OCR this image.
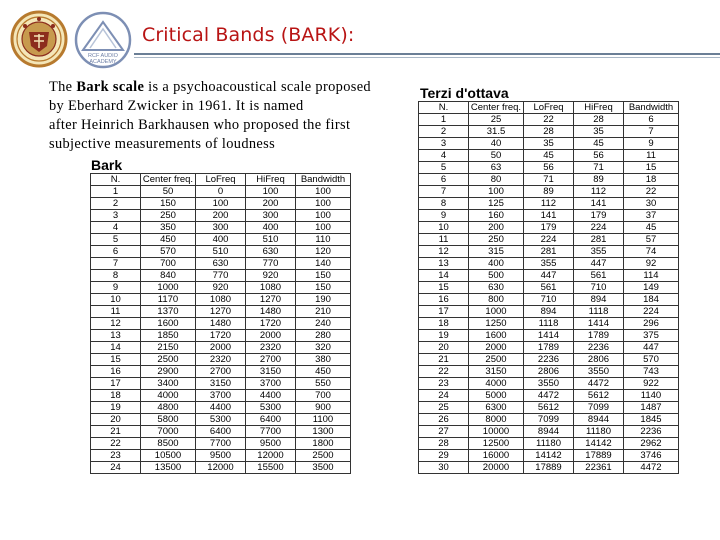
RCF AUDIO
ACADEMY
Critical Bands (BARK):
The Bark scale is a psychoacoustical scale proposed
by Eberhard Zwicker in 1961. It is named
after Heinrich Barkhausen who proposed the first
subjective measurements of loudness
Bark
N.	Center freq.	LoFreq	HiFreq	Bandwidth
1	50	0	100	100
2	150	100	200	100
3	250	200	300	100
4	350	300	400	100
5	450	400	510	110
6	570	510	630	120
7	700	630	770	140
8	840	770	920	150
9	1000	920	1080	150
10	1170	1080	1270	190
11	1370	1270	1480	210
12	1600	1480	1720	240
13	1850	1720	2000	280
14	2150	2000	2320	320
15	2500	2320	2700	380
16	2900	2700	3150	450
17	3400	3150	3700	550
18	4000	3700	4400	700
19	4800	4400	5300	900
20	5800	5300	6400	1100
21	7000	6400	7700	1300
22	8500	7700	9500	1800
23	10500	9500	12000	2500
24	13500	12000	15500	3500
Terzi d'ottava
N.	Center freq.	LoFreq	HiFreq	Bandwidth
1	25	22	28	6
2	31.5	28	35	7
3	40	35	45	9
4	50	45	56	11
5	63	56	71	15
6	80	71	89	18
7	100	89	112	22
8	125	112	141	30
9	160	141	179	37
10	200	179	224	45
11	250	224	281	57
12	315	281	355	74
13	400	355	447	92
14	500	447	561	114
15	630	561	710	149
16	800	710	894	184
17	1000	894	1118	224
18	1250	1118	1414	296
19	1600	1414	1789	375
20	2000	1789	2236	447
21	2500	2236	2806	570
22	3150	2806	3550	743
23	4000	3550	4472	922
24	5000	4472	5612	1140
25	6300	5612	7099	1487
26	8000	7099	8944	1845
27	10000	8944	11180	2236
28	12500	11180	14142	2962
29	16000	14142	17889	3746
30	20000	17889	22361	4472
